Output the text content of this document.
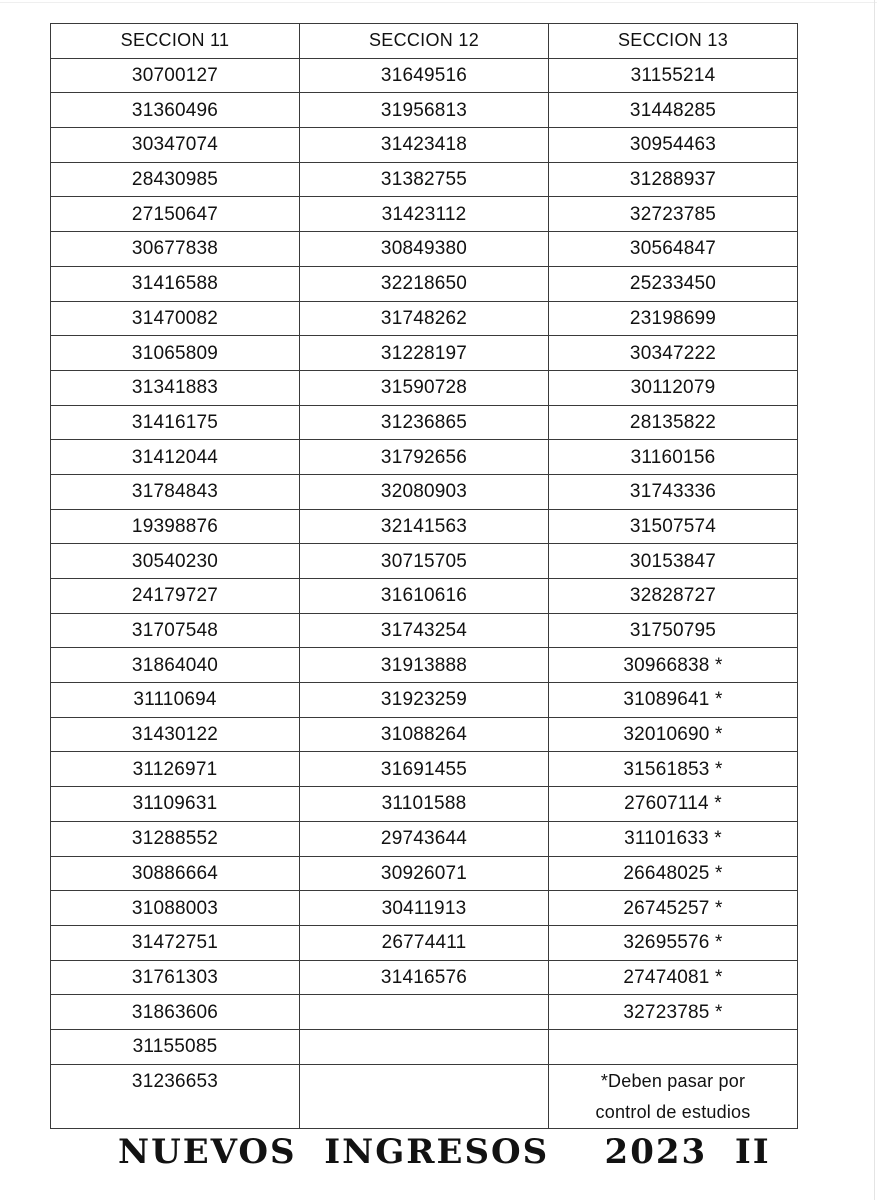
SECCION 11	SECCION 12	SECCION 13
30700127	31649516	31155214
31360496	31956813	31448285
30347074	31423418	30954463
28430985	31382755	31288937
27150647	31423112	32723785
30677838	30849380	30564847
31416588	32218650	25233450
31470082	31748262	23198699
31065809	31228197	30347222
31341883	31590728	30112079
31416175	31236865	28135822
31412044	31792656	31160156
31784843	32080903	31743336
19398876	32141563	31507574
30540230	30715705	30153847
24179727	31610616	32828727
31707548	31743254	31750795
31864040	31913888	30966838 *
31110694	31923259	31089641 *
31430122	31088264	32010690 *
31126971	31691455	31561853 *
31109631	31101588	27607114 *
31288552	29743644	31101633 *
30886664	30926071	26648025 *
31088003	30411913	26745257 *
31472751	26774411	32695576 *
31761303	31416576	27474081 *
31863606		32723785 *
31155085		
31236653		*Deben pasar por
control de estudios
NUEVOS  INGRESOS    2023  II
